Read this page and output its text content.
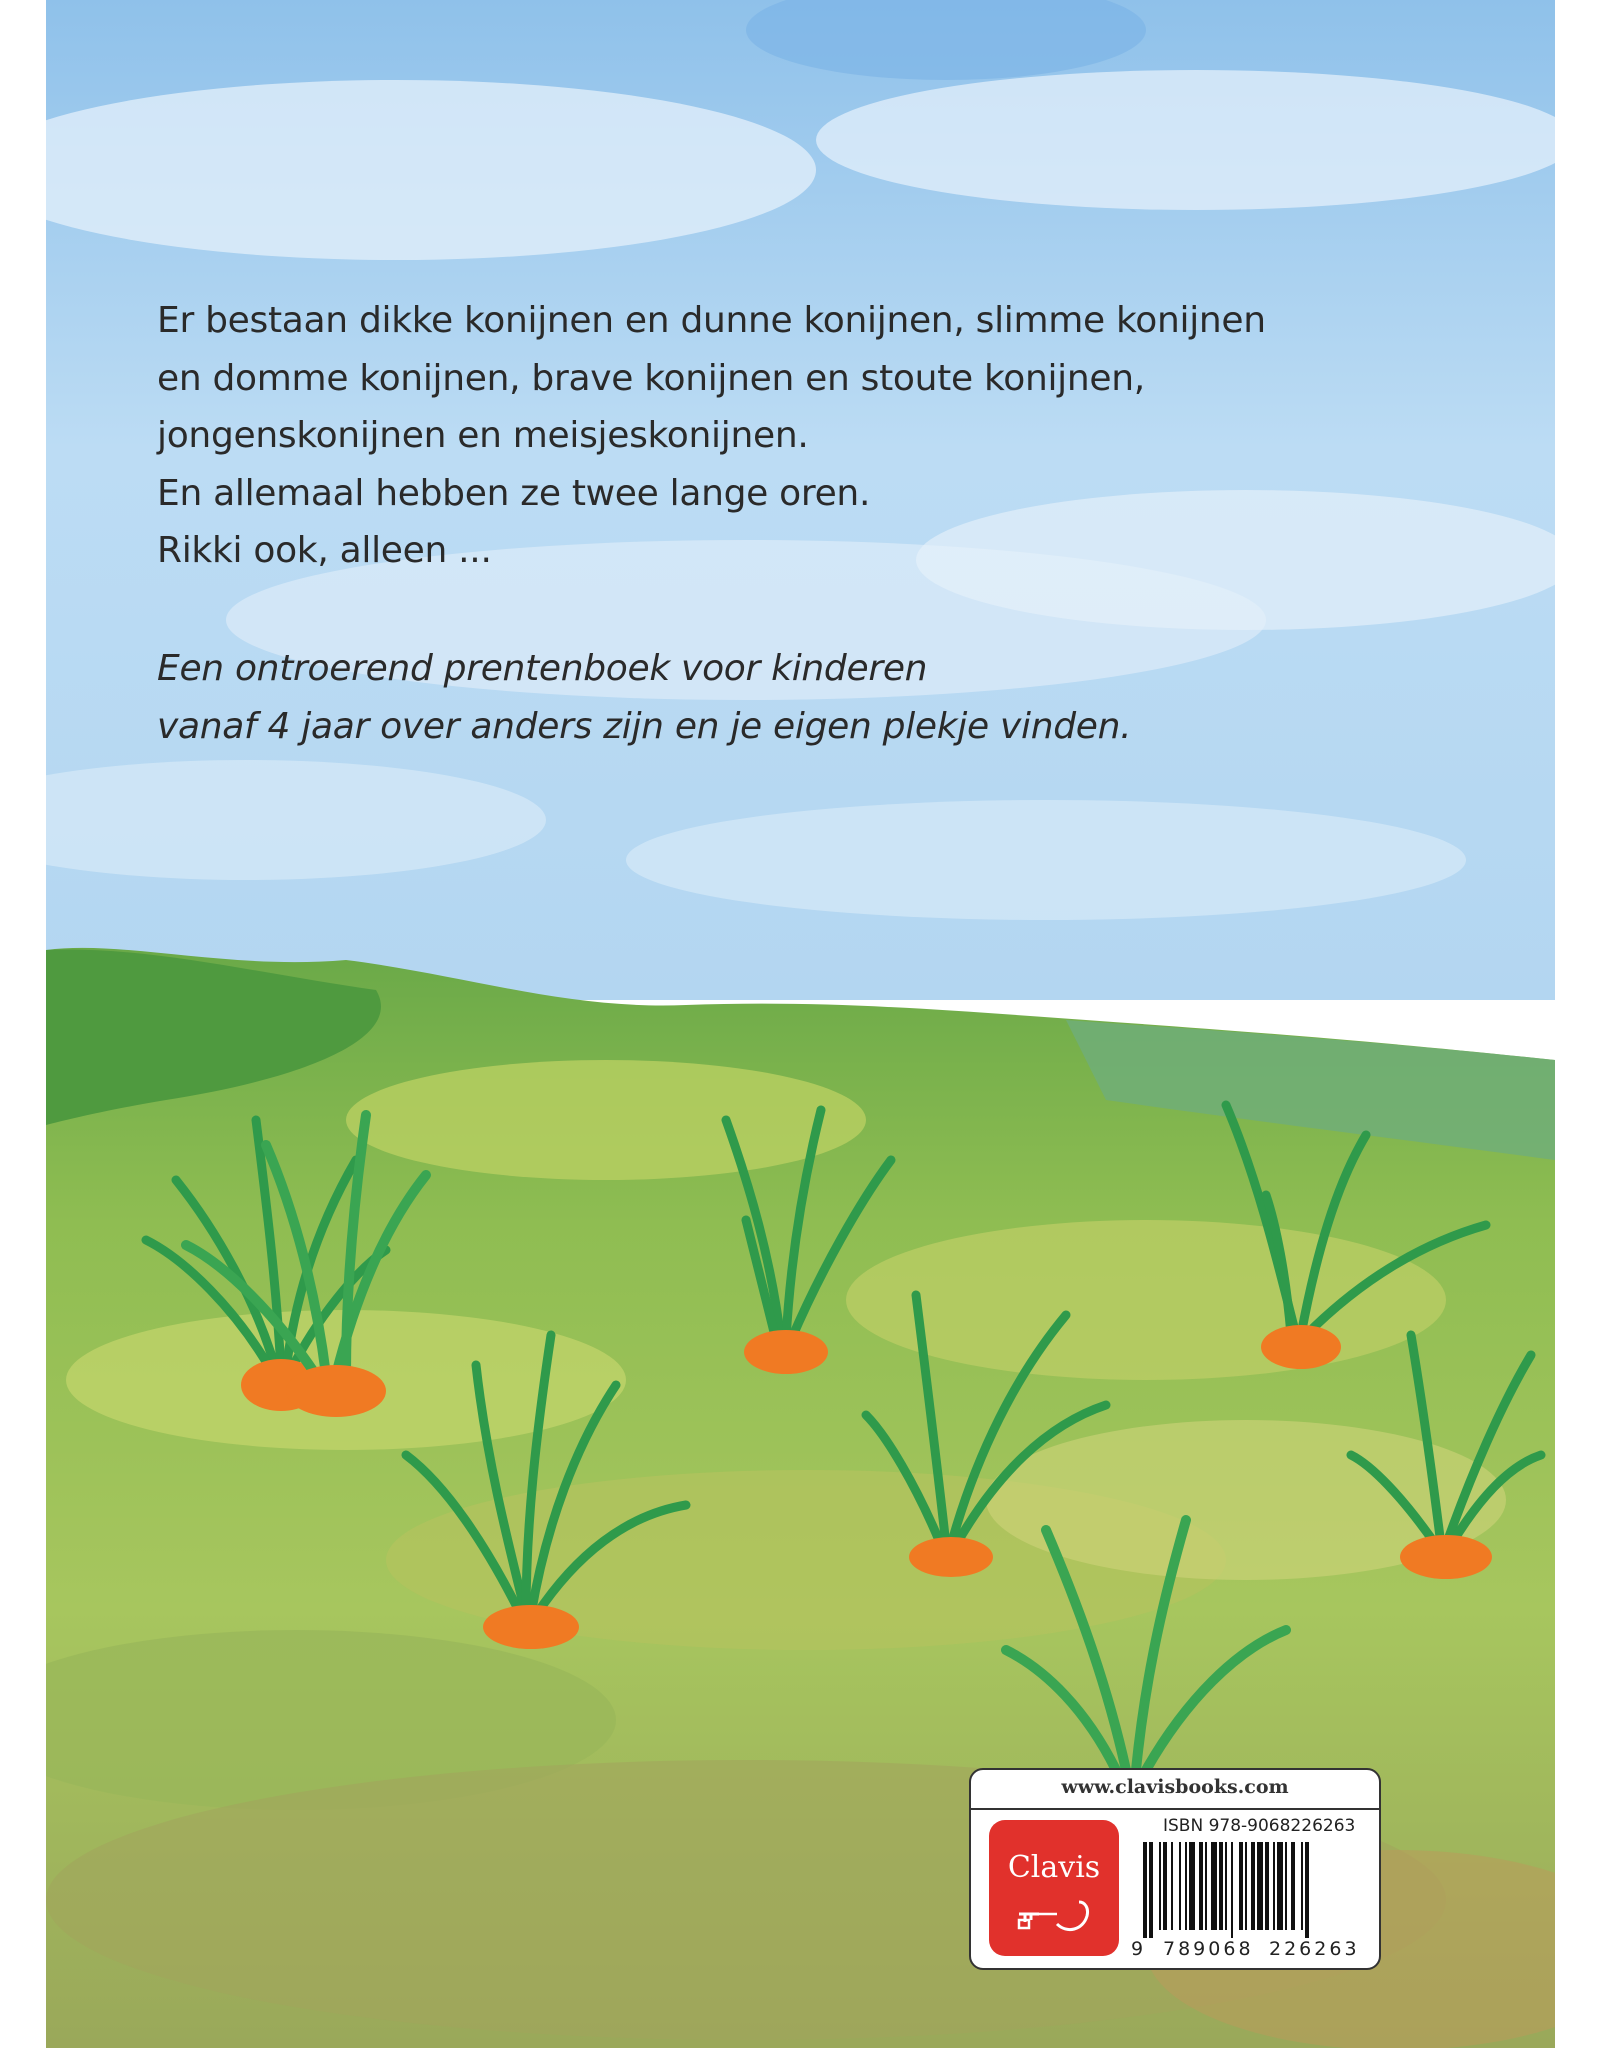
Er bestaan dikke konijnen en dunne konijnen, slimme konijnen
en domme konijnen, brave konijnen en stoute konijnen,
jongenskonijnen en meisjeskonijnen.
En allemaal hebben ze twee lange oren.
Rikki ook, alleen ...
Een ontroerend prentenboek voor kinderen
vanaf 4 jaar over anders zijn en je eigen plekje vinden.
www.clavisbooks.com
Clavis
ISBN 978-9068226263
9 789068 226263
